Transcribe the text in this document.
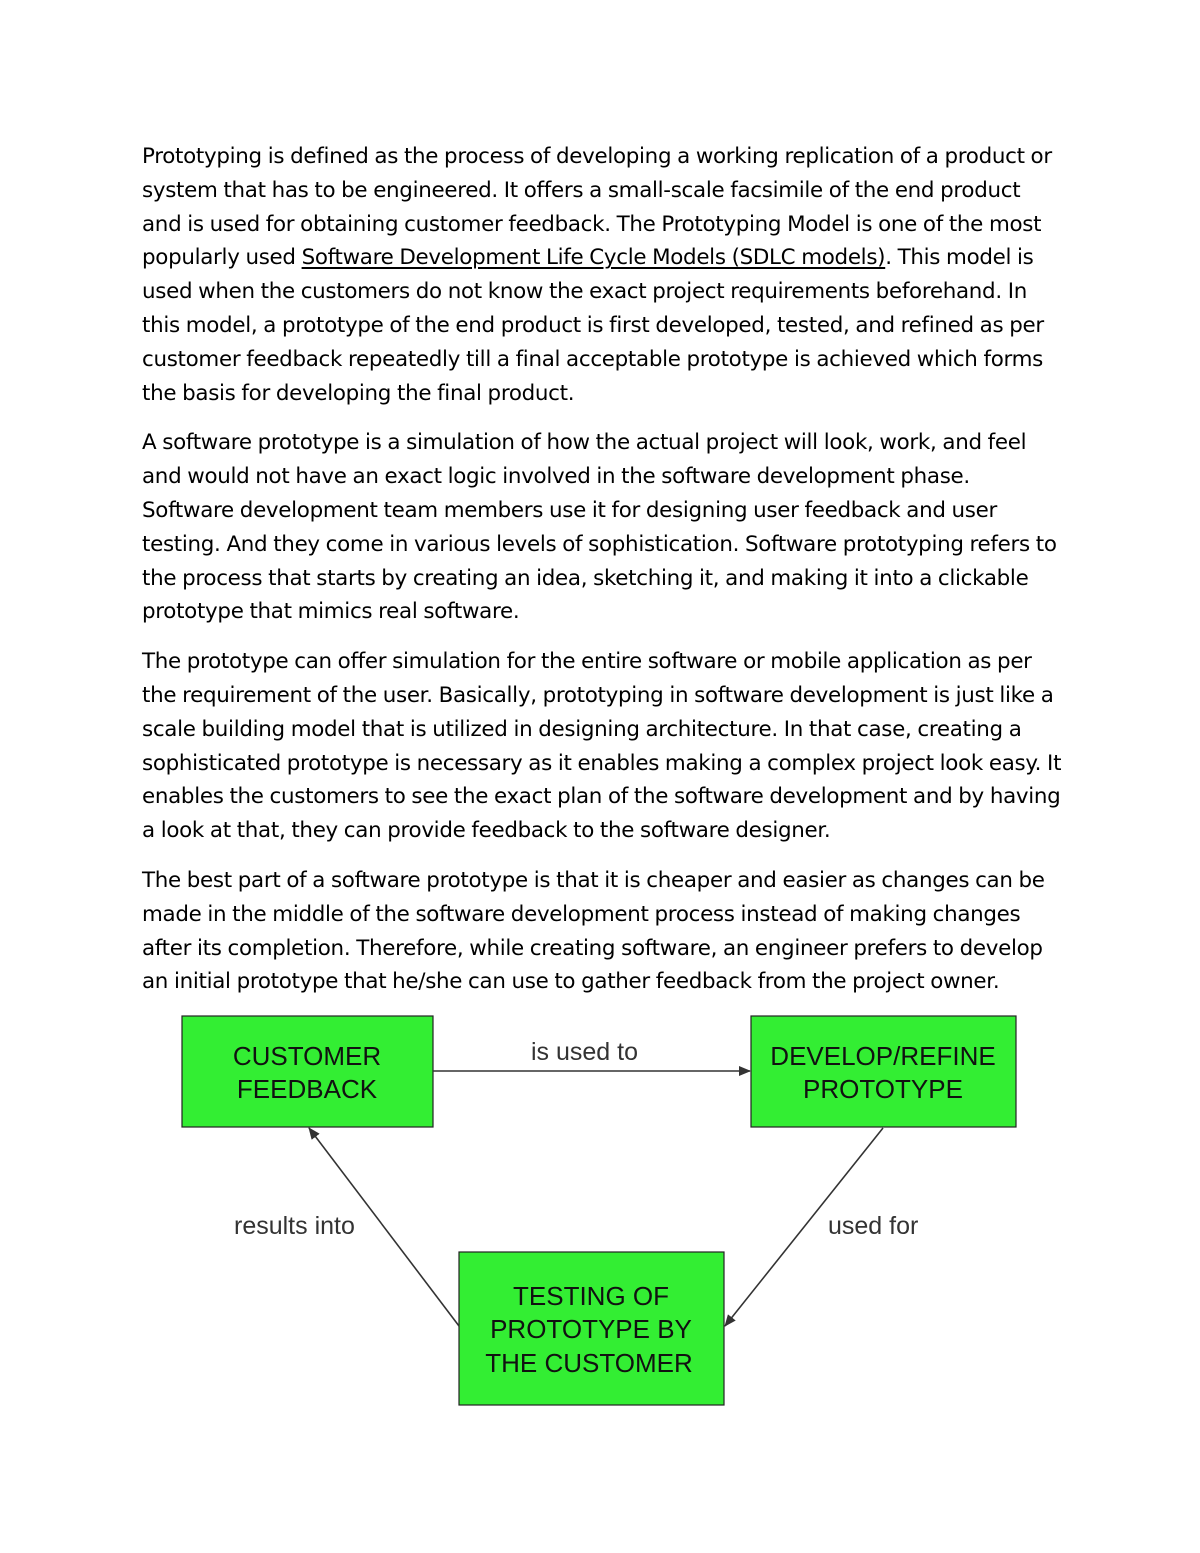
Prototyping is defined as the process of developing a working replication of a product or system that has to be engineered. It offers a small-scale facsimile of the end product and is used for obtaining customer feedback. The Prototyping Model is one of the most popularly used Software Development Life Cycle Models (SDLC models). This model is used when the customers do not know the exact project requirements beforehand. In this model, a prototype of the end product is first developed, tested, and refined as per customer feedback repeatedly till a final acceptable prototype is achieved which forms the basis for developing the final product.

A software prototype is a simulation of how the actual project will look, work, and feel and would not have an exact logic involved in the software development phase. Software development team members use it for designing user feedback and user testing. And they come in various levels of sophistication. Software prototyping refers to the process that starts by creating an idea, sketching it, and making it into a clickable prototype that mimics real software.

The prototype can offer simulation for the entire software or mobile application as per the requirement of the user. Basically, prototyping in software development is just like a scale building model that is utilized in designing architecture. In that case, creating a sophisticated prototype is necessary as it enables making a complex project look easy. It enables the customers to see the exact plan of the software development and by having a look at that, they can provide feedback to the software designer.

The best part of a software prototype is that it is cheaper and easier as changes can be made in the middle of the software development process instead of making changes after its completion. Therefore, while creating software, an engineer prefers to develop an initial prototype that he/she can use to gather feedback from the project owner.

CUSTOMER
FEEDBACK
DEVELOP/REFINE
PROTOTYPE
TESTING OF
PROTOTYPE BY
THE CUSTOMER
is used to
used for
results into
